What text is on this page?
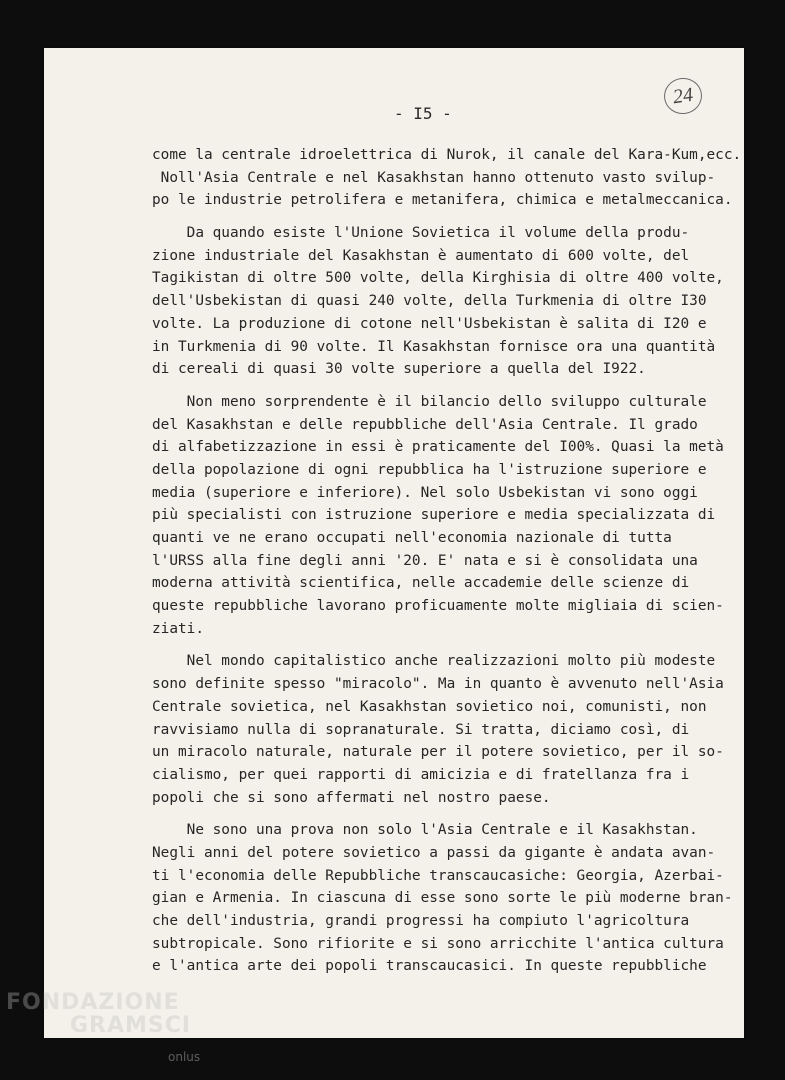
- I5 -
24
come la centrale idroelettrica di Nurok, il canale del Kara-Kum,ecc.
Noll'Asia Centrale e nel Kasakhstan hanno ottenuto vasto svilup-
po le industrie petrolifera e metanifera, chimica e metalmeccanica.
Da quando esiste l'Unione Sovietica il volume della produ-
zione industriale del Kasakhstan è aumentato di 600 volte, del
Tagikistan di oltre 500 volte, della Kirghisia di oltre 400 volte,
dell'Usbekistan di quasi 240 volte, della Turkmenia di oltre I30
volte. La produzione di cotone nell'Usbekistan è salita di I20 e
in Turkmenia di 90 volte. Il Kasakhstan fornisce ora una quantità
di cereali di quasi 30 volte superiore a quella del I922.
Non meno sorprendente è il bilancio dello sviluppo culturale
del Kasakhstan e delle repubbliche dell'Asia Centrale. Il grado
di alfabetizzazione in essi è praticamente del I00%. Quasi la metà
della popolazione di ogni repubblica ha l'istruzione superiore e
media (superiore e inferiore). Nel solo Usbekistan vi sono oggi
più specialisti con istruzione superiore e media specializzata di
quanti ve ne erano occupati nell'economia nazionale di tutta
l'URSS alla fine degli anni '20. E' nata e si è consolidata una
moderna attività scientifica, nelle accademie delle scienze di
queste repubbliche lavorano proficuamente molte migliaia di scien-
ziati.
Nel mondo capitalistico anche realizzazioni molto più modeste
sono definite spesso "miracolo". Ma in quanto è avvenuto nell'Asia
Centrale sovietica, nel Kasakhstan sovietico noi, comunisti, non
ravvisiamo nulla di sopranaturale. Si tratta, diciamo così, di
un miracolo naturale, naturale per il potere sovietico, per il so-
cialismo, per quei rapporti di amicizia e di fratellanza fra i
popoli che si sono affermati nel nostro paese.
Ne sono una prova non solo l'Asia Centrale e il Kasakhstan.
Negli anni del potere sovietico a passi da gigante è andata avan-
ti l'economia delle Repubbliche transcaucasiche: Georgia, Azerbai-
gian e Armenia. In ciascuna di esse sono sorte le più moderne bran-
che dell'industria, grandi progressi ha compiuto l'agricoltura
subtropicale. Sono rifiorite e si sono arricchite l'antica cultura
e l'antica arte dei popoli transcaucasici. In queste repubbliche
FONDAZIONE
GRAMSCI
onlus
